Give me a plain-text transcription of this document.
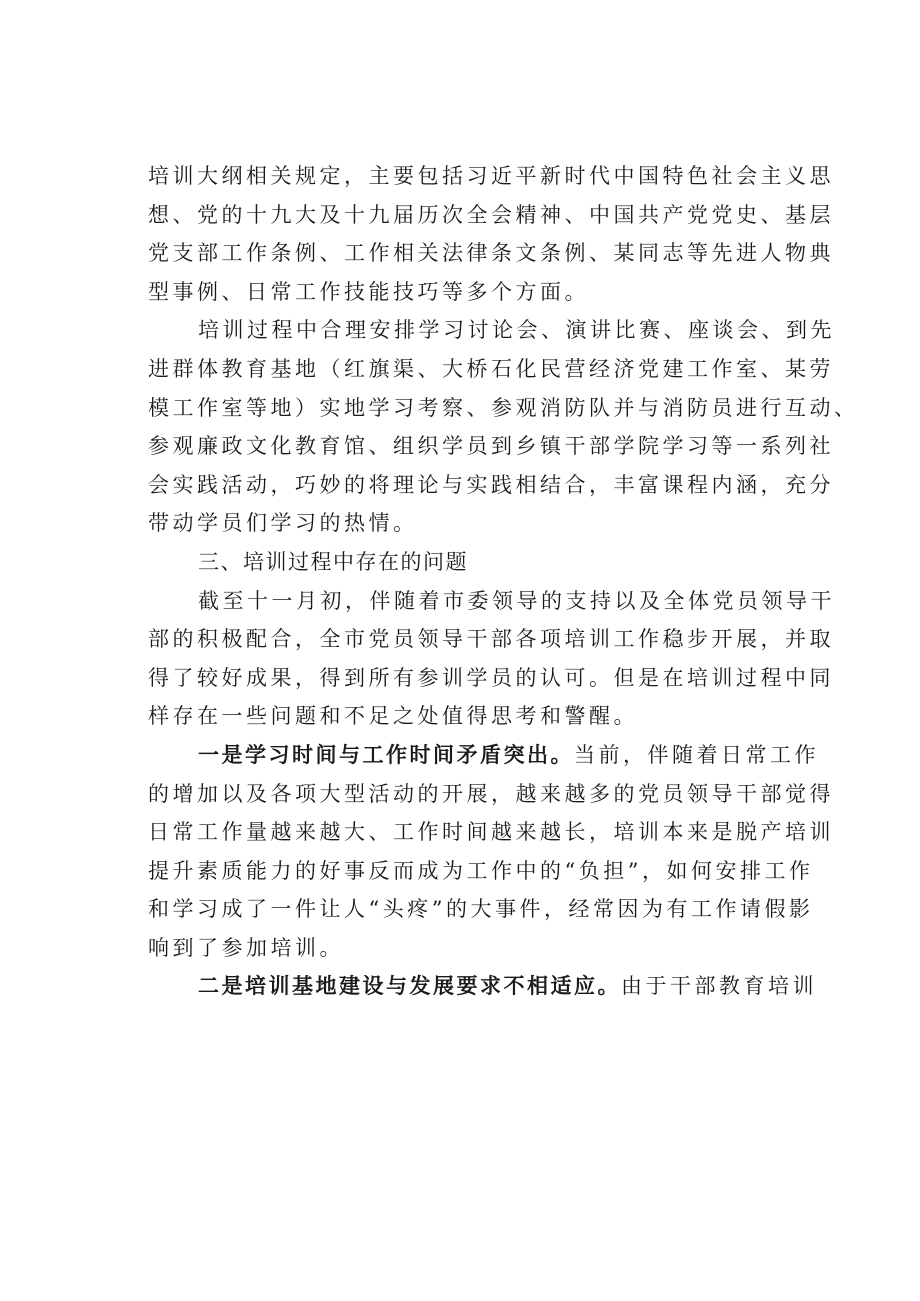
培训大纲相关规定，主要包括习近平新时代中国特色社会主义思
想、党的十九大及十九届历次全会精神、中国共产党党史、基层
党支部工作条例、工作相关法律条文条例、某同志等先进人物典
型事例、日常工作技能技巧等多个方面。
培训过程中合理安排学习讨论会、演讲比赛、座谈会、到先
进群体教育基地（红旗渠、大桥石化民营经济党建工作室、某劳
模工作室等地）实地学习考察、参观消防队并与消防员进行互动、
参观廉政文化教育馆、组织学员到乡镇干部学院学习等一系列社
会实践活动，巧妙的将理论与实践相结合，丰富课程内涵，充分
带动学员们学习的热情。
三、培训过程中存在的问题
截至十一月初，伴随着市委领导的支持以及全体党员领导干
部的积极配合，全市党员领导干部各项培训工作稳步开展，并取
得了较好成果，得到所有参训学员的认可。但是在培训过程中同
样存在一些问题和不足之处值得思考和警醒。
一是学习时间与工作时间矛盾突出。当前，伴随着日常工作
的增加以及各项大型活动的开展，越来越多的党员领导干部觉得
日常工作量越来越大、工作时间越来越长，培训本来是脱产培训
提升素质能力的好事反而成为工作中的“负担”，如何安排工作
和学习成了一件让人“头疼”的大事件，经常因为有工作请假影
响到了参加培训。
二是培训基地建设与发展要求不相适应。由于干部教育培训
